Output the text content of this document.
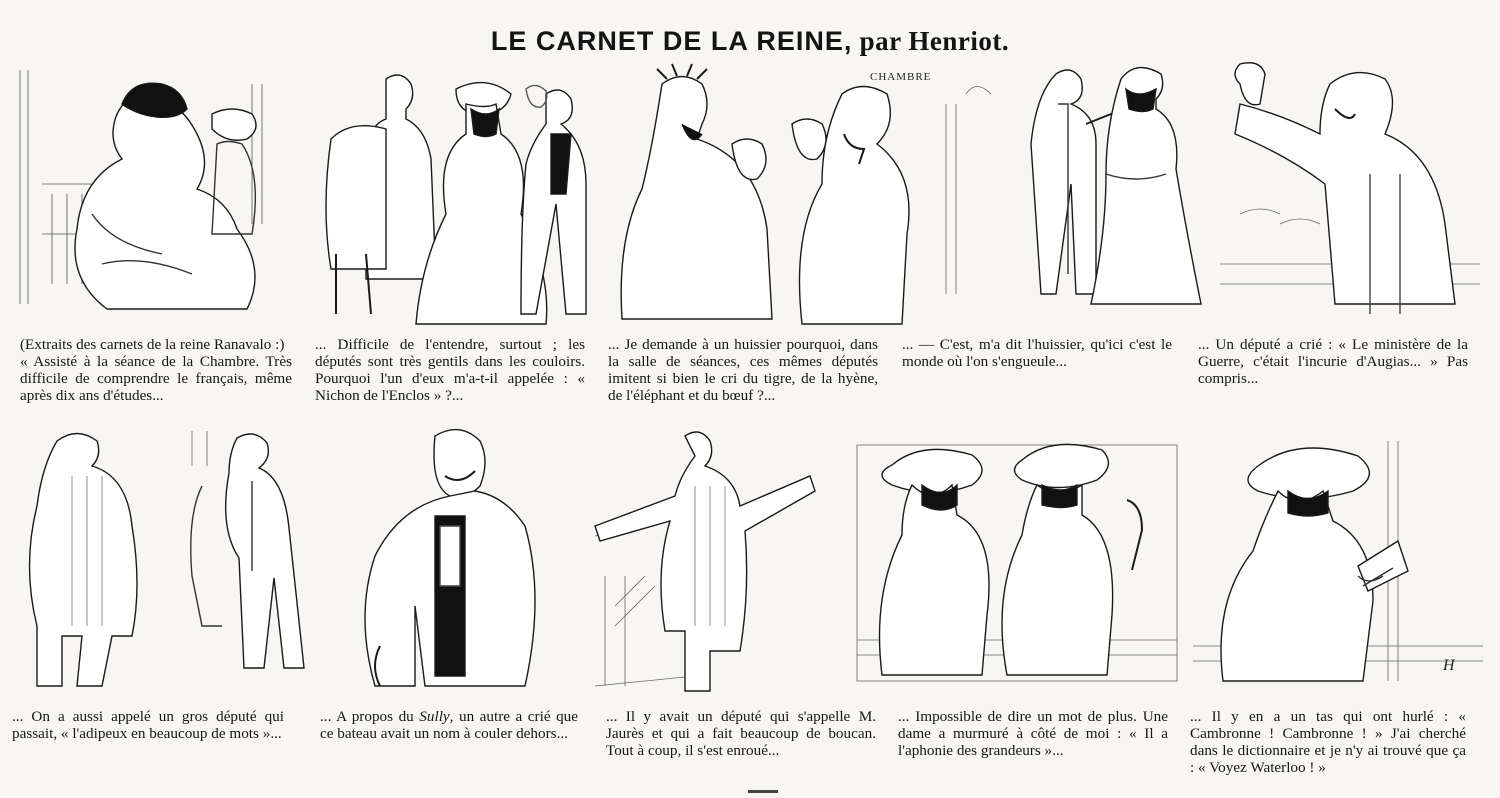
LE CARNET DE LA REINE, par Henriot.
CHAMBRE

(Extraits des carnets de la reine Ranavalo :)

« Assisté à la séance de la Chambre. Très difficile de comprendre le français, même après dix ans d'études...

... Difficile de l'entendre, surtout ; les députés sont très gentils dans les couloirs. Pourquoi l'un d'eux m'a-t-il appelée : « Nichon de l'Enclos » ?...
... Je demande à un huissier pourquoi, dans la salle de séances, ces mêmes députés imitent si bien le cri du tigre, de la hyène, de l'éléphant et du bœuf ?...
... — C'est, m'a dit l'huissier, qu'ici c'est le monde où l'on s'engueule...
... Un député a crié : « Le ministère de la Guerre, c'était l'incurie d'Augias... » Pas compris...
H
... On a aussi appelé un gros député qui passait, « l'adipeux en beaucoup de mots »...
... A propos du Sully, un autre a crié que ce bateau avait un nom à couler dehors...
... Il y avait un député qui s'appelle M. Jaurès et qui a fait beaucoup de boucan. Tout à coup, il s'est enroué...
... Impossible de dire un mot de plus. Une dame a murmuré à côté de moi : « Il a l'aphonie des grandeurs »...
... Il y en a un tas qui ont hurlé : « Cambronne ! Cambronne ! » J'ai cherché dans le dictionnaire et je n'y ai trouvé que ça : « Voyez Waterloo ! »
